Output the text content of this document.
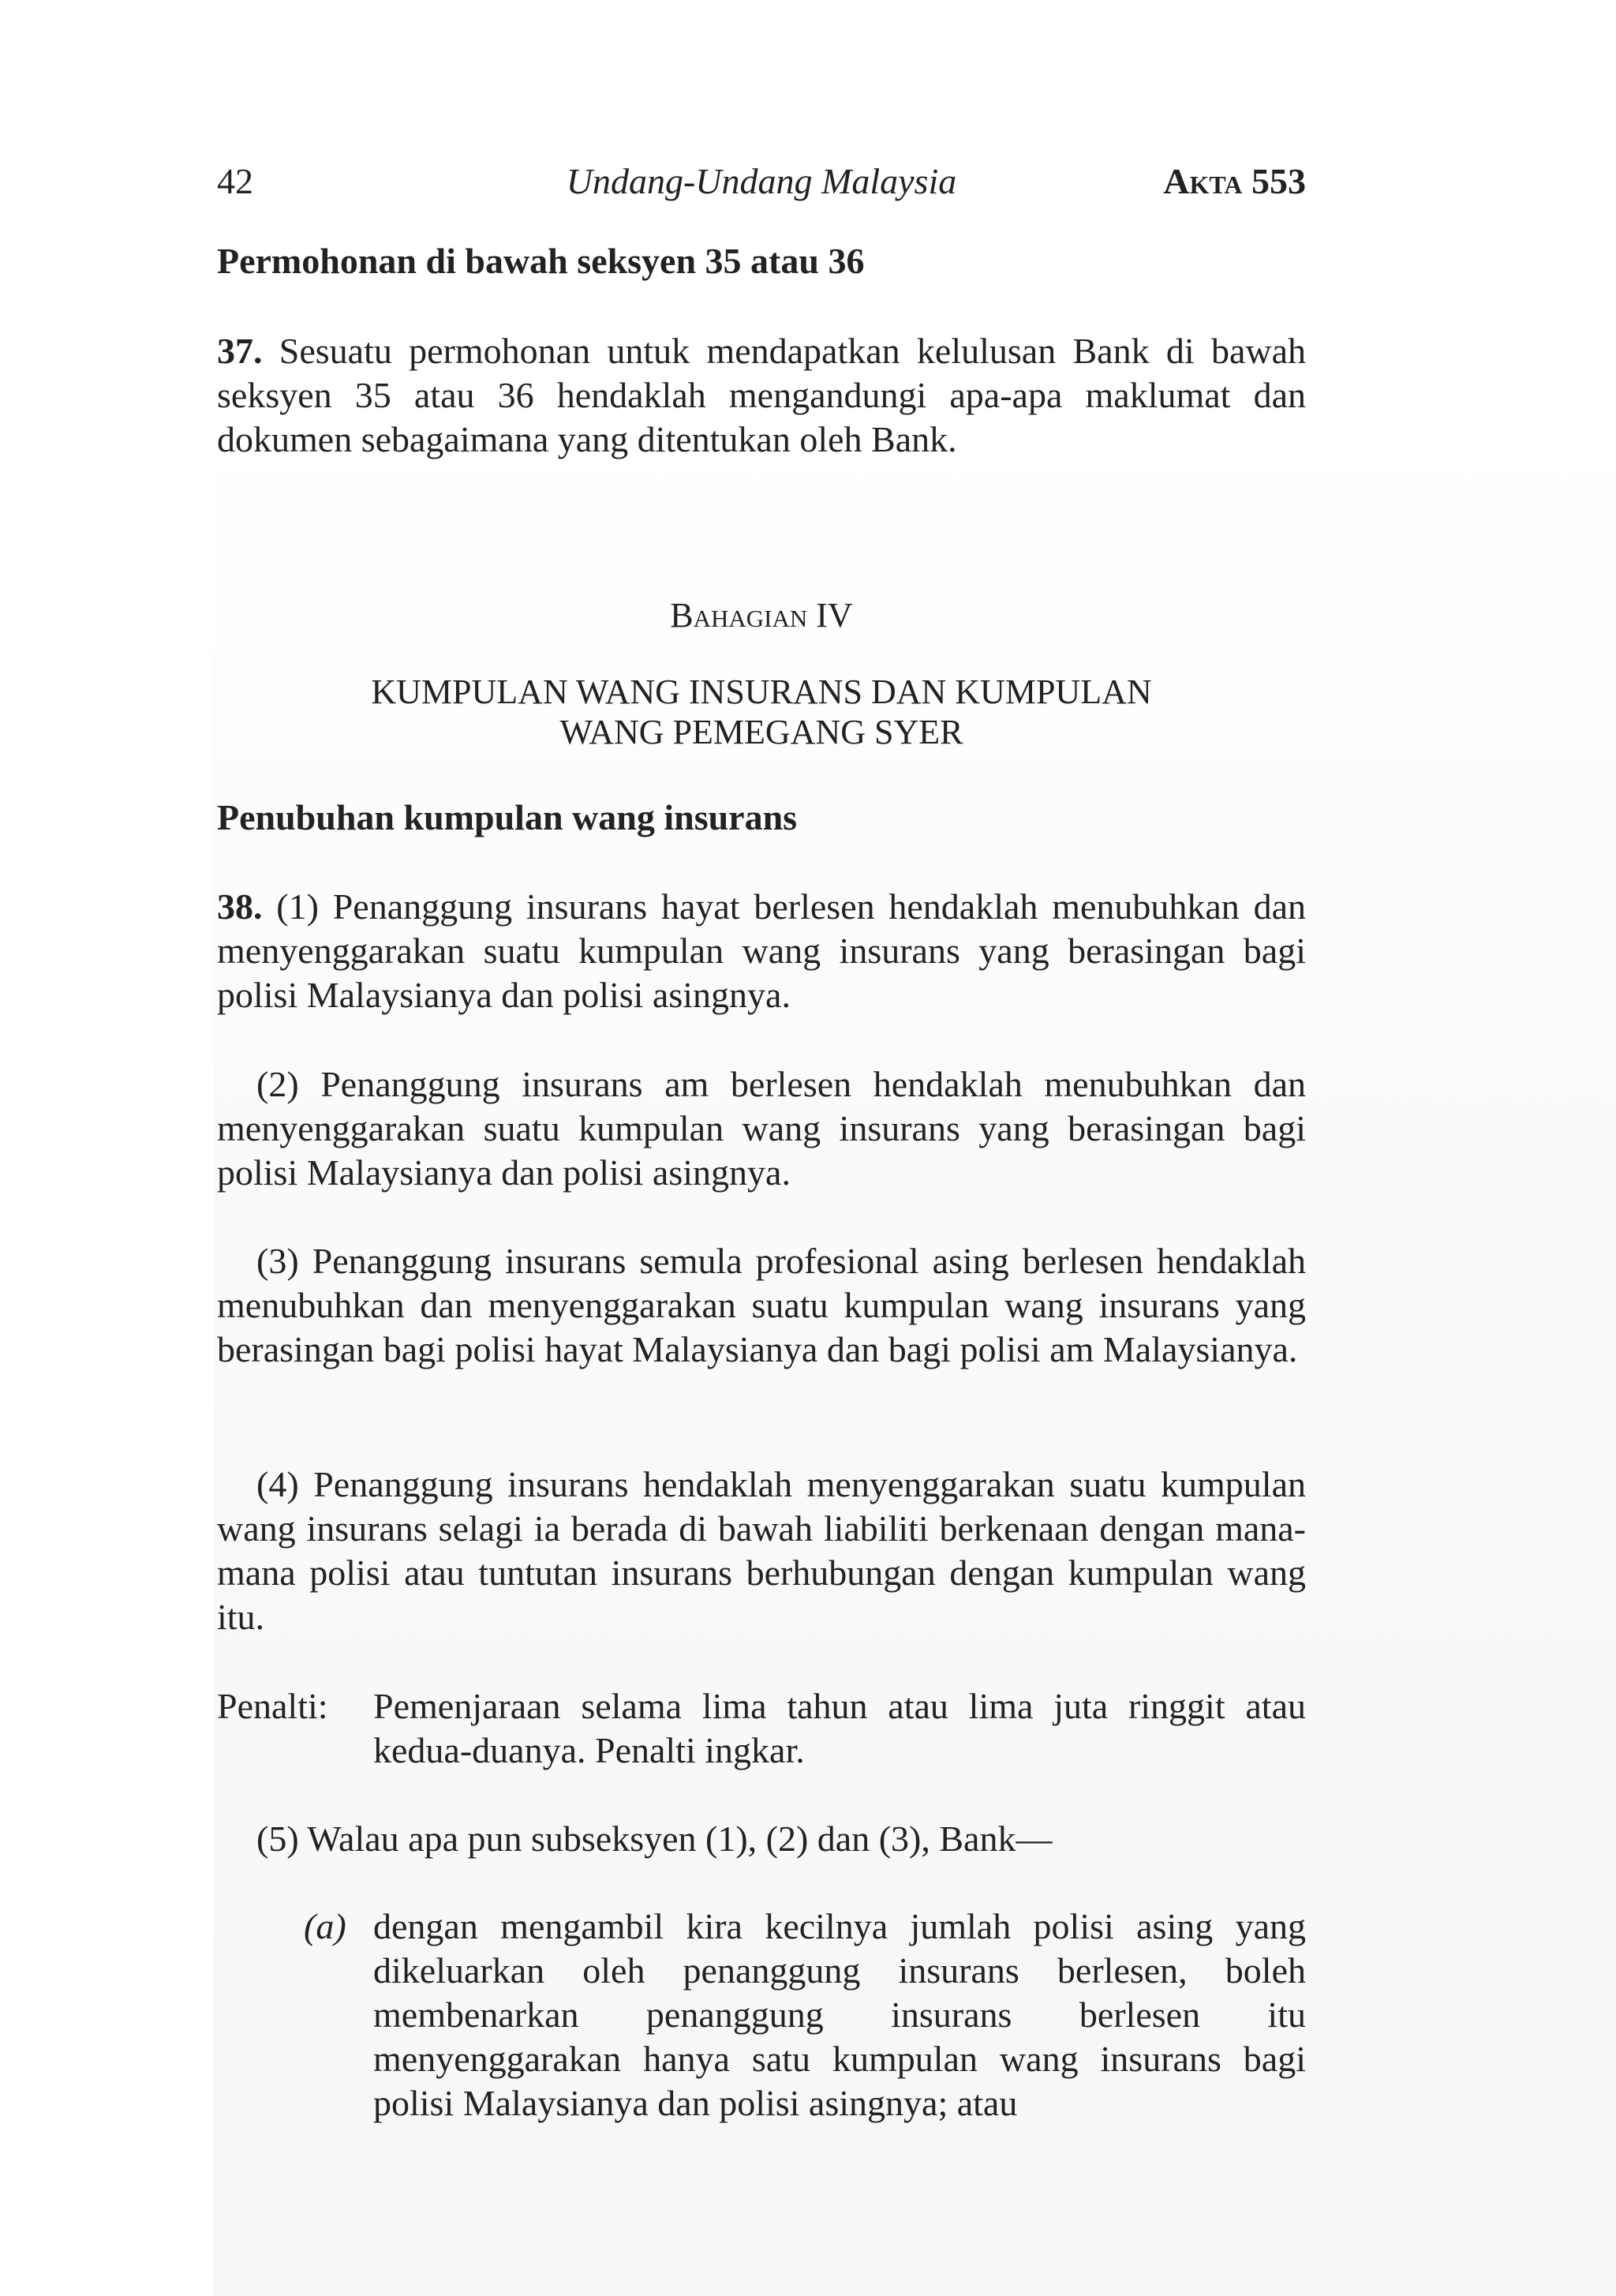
42	Undang-Undang Malaysia	Akta 553
Permohonan di bawah seksyen 35 atau 36
37. Sesuatu permohonan untuk mendapatkan kelulusan Bank di bawah seksyen 35 atau 36 hendaklah mengandungi apa-apa maklumat dan dokumen sebagaimana yang ditentukan oleh Bank.
Bahagian IV
KUMPULAN WANG INSURANS DAN KUMPULAN
WANG PEMEGANG SYER
Penubuhan kumpulan wang insurans
38. (1) Penanggung insurans hayat berlesen hendaklah menubuhkan dan menyenggarakan suatu kumpulan wang insurans yang berasingan bagi polisi Malaysianya dan polisi asingnya.
(2) Penanggung insurans am berlesen hendaklah menubuhkan dan menyenggarakan suatu kumpulan wang insurans yang berasingan bagi polisi Malaysianya dan polisi asingnya.
(3) Penanggung insurans semula profesional asing berlesen hendaklah menubuhkan dan menyenggarakan suatu kumpulan wang insurans yang berasingan bagi polisi hayat Malaysianya dan bagi polisi am Malaysianya.
(4) Penanggung insurans hendaklah menyenggarakan suatu kumpulan wang insurans selagi ia berada di bawah liabiliti berkenaan dengan mana-mana polisi atau tuntutan insurans berhubungan dengan kumpulan wang itu.
Penalti: Pemenjaraan selama lima tahun atau lima juta ringgit atau kedua-duanya. Penalti ingkar.
(5) Walau apa pun subseksyen (1), (2) dan (3), Bank—
(a) dengan mengambil kira kecilnya jumlah polisi asing yang dikeluarkan oleh penanggung insurans berlesen, boleh membenarkan penanggung insurans berlesen itu menyenggarakan hanya satu kumpulan wang insurans bagi polisi Malaysianya dan polisi asingnya; atau
